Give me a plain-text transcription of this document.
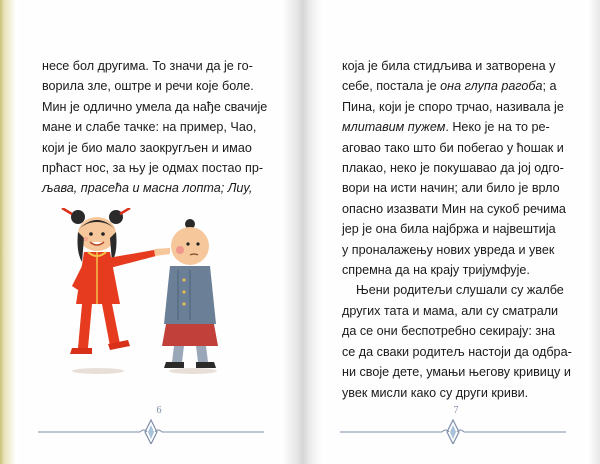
несе бол другима. То значи да је го-
ворила зле, оштре и речи које боле.
Мин је одлично умела да нађе свачије
мане и слабе тачке: на пример, Чао,
који је био мало заокругљен и имао
прћаст нос, за њу је одмах постао пр-
љава, прасећа и масна лопта; Лиу,
6
која је била стидљива и затворена у
себе, постала је она глупа рагоба; а
Пина, који је споро трчао, називала је
млитавим пужем. Неко је на то ре-
аговао тако што би побегао у ћошак и
плакао, неко је покушавао да јој одго-
вори на исти начин; али било је врло
опасно изазвати Мин на сукоб речима
јер је она била најбржа и највештија
у проналажењу нових увреда и увек
спремна да на крају тријумфује.
Њени родитељи слушали су жалбе
других тата и мама, али су сматрали
да се они беспотребно секирају: зна
се да сваки родитељ настоји да одбра-
ни своје дете, умањи његову кривицу и
увек мисли како су други криви.
7
